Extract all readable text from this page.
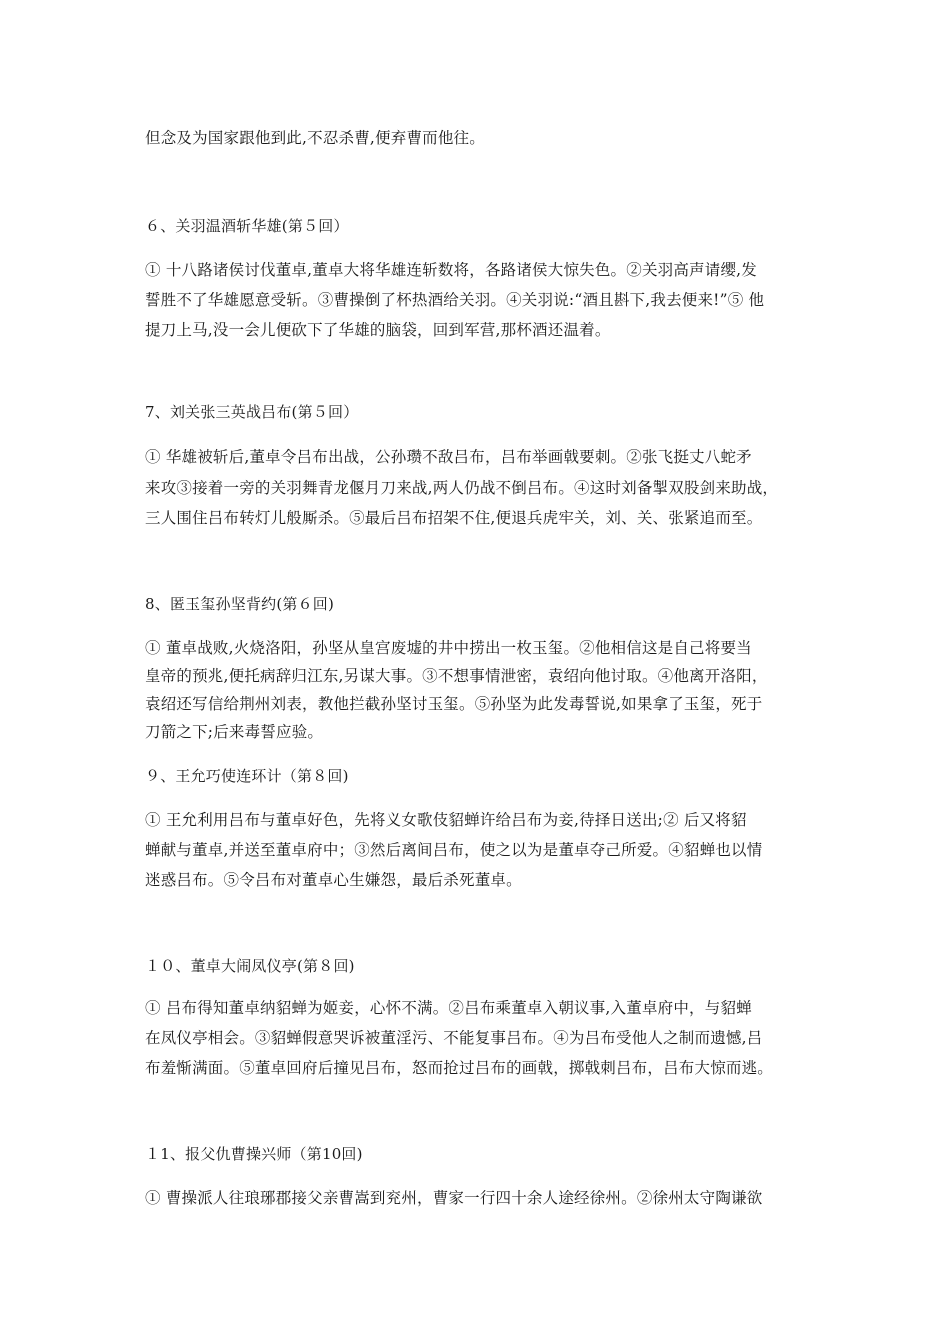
但念及为国家跟他到此,不忍杀曹,便弃曹而他往。
６、关羽温酒斩华雄(第５回）
① 十八路诸侯讨伐董卓,董卓大将华雄连斩数将，各路诸侯大惊失色。②关羽高声请缨,发
誓胜不了华雄愿意受斩。③曹操倒了杯热酒给关羽。④关羽说:“酒且斟下,我去便来!”⑤ 他
提刀上马,没一会儿便砍下了华雄的脑袋，回到军营,那杯酒还温着。
7、刘关张三英战吕布(第５回）
① 华雄被斩后,董卓令吕布出战，公孙瓒不敌吕布，吕布举画戟要刺。②张飞挺丈八蛇矛
来攻③接着一旁的关羽舞青龙偃月刀来战,两人仍战不倒吕布。④这时刘备掣双股剑来助战，
三人围住吕布转灯儿般厮杀。⑤最后吕布招架不住,便退兵虎牢关，刘、关、张紧追而至。
8、匿玉玺孙坚背约(第６回)
① 董卓战败,火烧洛阳，孙坚从皇宫废墟的井中捞出一枚玉玺。②他相信这是自己将要当
皇帝的预兆,便托病辞归江东,另谋大事。③不想事情泄密，袁绍向他讨取。④他离开洛阳，
袁绍还写信给荆州刘表，教他拦截孙坚讨玉玺。⑤孙坚为此发毒誓说,如果拿了玉玺，死于
刀箭之下;后来毒誓应验。
９、王允巧使连环计（第８回)
① 王允利用吕布与董卓好色，先将义女歌伎貂蝉许给吕布为妾,待择日送出;② 后又将貂
蝉献与董卓,并送至董卓府中；③然后离间吕布，使之以为是董卓夺己所爱。④貂蝉也以情
迷惑吕布。⑤令吕布对董卓心生嫌怨，最后杀死董卓。
１０、董卓大闹凤仪亭(第８回)
① 吕布得知董卓纳貂蝉为姬妾，心怀不满。②吕布乘董卓入朝议事,入董卓府中，与貂蝉
在凤仪亭相会。③貂蝉假意哭诉被董淫污、不能复事吕布。④为吕布受他人之制而遗憾,吕
布羞惭满面。⑤董卓回府后撞见吕布，怒而抢过吕布的画戟，掷戟刺吕布，吕布大惊而逃。
１1、报父仇曹操兴师（第10回)
① 曹操派人往琅琊郡接父亲曹嵩到兖州，曹家一行四十余人途经徐州。②徐州太守陶谦欲
